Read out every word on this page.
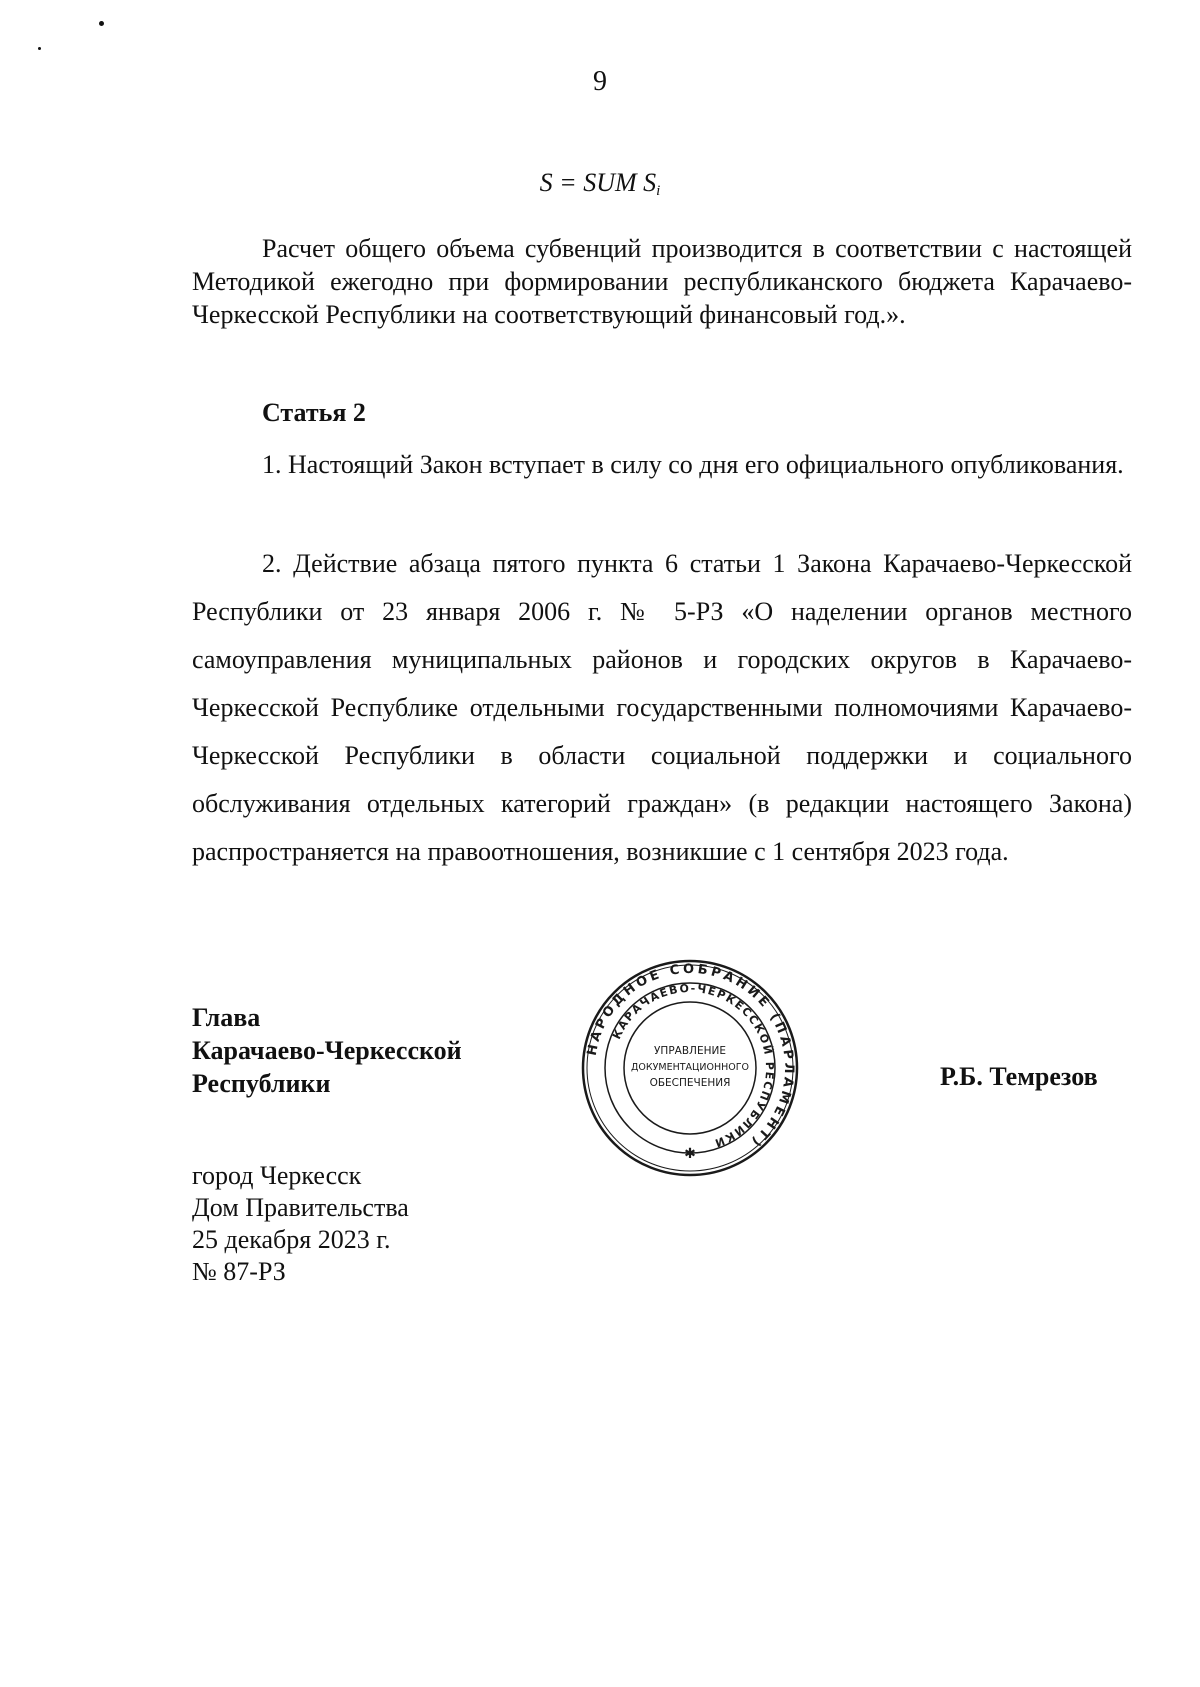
9
S = SUM $S_i$
Расчет общего объема субвенций производится в соответствии с настоящей Методикой ежегодно при формировании республиканского бюджета Карачаево-Черкесской Республики на соответствующий финансовый год.».
Статья 2
1. Настоящий Закон вступает в силу со дня его официального опубликования.
2. Действие абзаца пятого пункта 6 статьи 1 Закона Карачаево-Черкесской Республики от 23 января 2006 г. № 5-РЗ «О наделении органов местного самоуправления муниципальных районов и городских округов в Карачаево-Черкесской Республике отдельными государственными полномочиями Карачаево-Черкесской Республики в области социальной поддержки и социального обслуживания отдельных категорий граждан» (в редакции настоящего Закона) распространяется на правоотношения, возникшие с 1 сентября 2023 года.
Глава
Карачаево-Черкесской
Республики
НАРОДНОЕ СОБРАНИЕ (ПАРЛАМЕНТ)
КАРАЧАЕВО-ЧЕРКЕССКОЙ РЕСПУБЛИКИ
УПРАВЛЕНИЕ
ДОКУМЕНТАЦИОННОГО
ОБЕСПЕЧЕНИЯ
✱
Р.Б. Темрезов
город Черкесск
Дом Правительства
25 декабря 2023 г.
№ 87-РЗ
